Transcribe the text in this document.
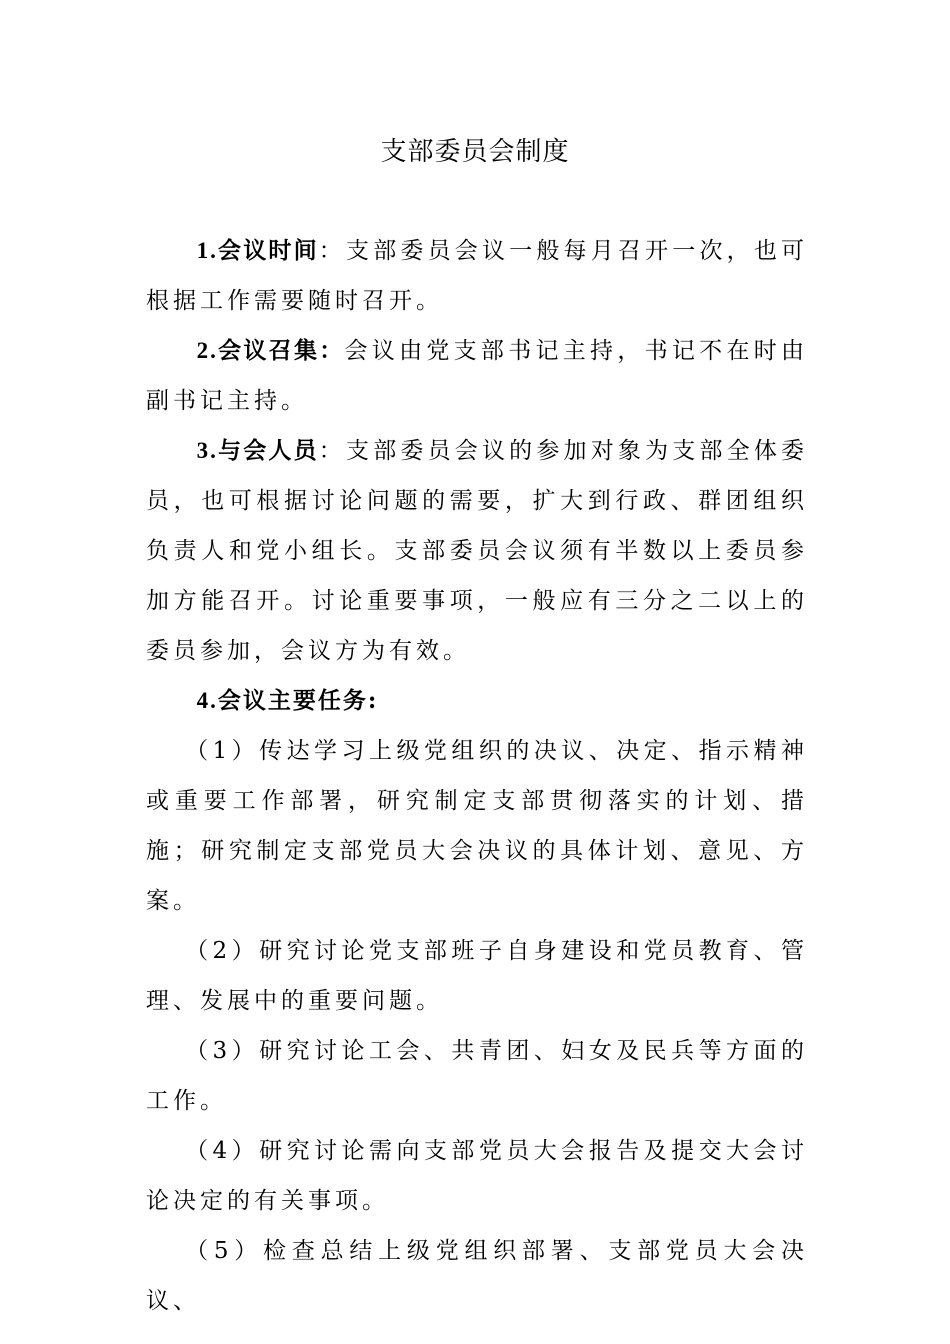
支部委员会制度

1.会议时间：支部委员会议一般每月召开一次，也可根据工作需要随时召开。

2.会议召集：会议由党支部书记主持，书记不在时由副书记主持。

3.与会人员：支部委员会议的参加对象为支部全体委员，也可根据讨论问题的需要，扩大到行政、群团组织负责人和党小组长。支部委员会议须有半数以上委员参加方能召开。讨论重要事项，一般应有三分之二以上的委员参加，会议方为有效。

4.会议主要任务:

（1）传达学习上级党组织的决议、决定、指示精神或重要工作部署，研究制定支部贯彻落实的计划、措施；研究制定支部党员大会决议的具体计划、意见、方案。

（2）研究讨论党支部班子自身建设和党员教育、管理、发展中的重要问题。

（3）研究讨论工会、共青团、妇女及民兵等方面的工作。

（4）研究讨论需向支部党员大会报告及提交大会讨论决定的有关事项。

（5）检查总结上级党组织部署、支部党员大会决议、
